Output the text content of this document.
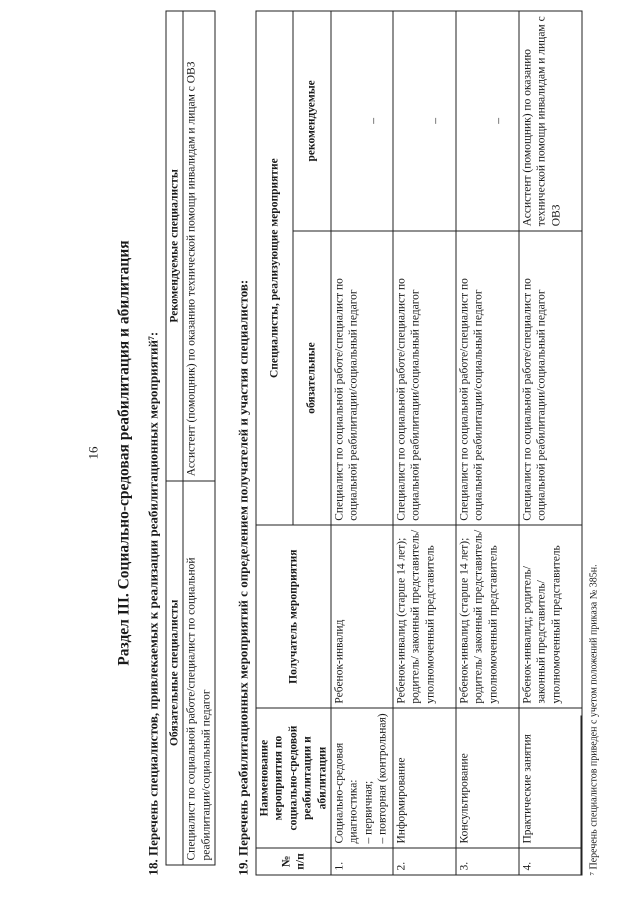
16 Раздел III. Социально-средовая реабилитация и абилитация 18. Перечень специалистов, привлекаемых к реализации реабилитационных мероприятий⁷: Обязательные специалисты	Рекомендуемые специалисты
Специалист по социальной работе/специалист по социальной реабилитации/социальный педагог	Ассистент (помощник) по оказанию технической помощи инвалидам и лицам с ОВЗ
19. Перечень реабилитационных мероприятий с определением получателей и участия специалистов:	№ п/п	Наименование мероприятия по социально-средовой реабилитации и абилитации	Получатель мероприятия	Специалисты, реализующие мероприятие	
			обязательные	рекомендуемые
1.	Социально-средовая диагностика: – первичная; – повторная (контрольная)	Ребенок-инвалид	Специалист по социальной работе/специалист по социальной реабилитации/социальный педагог	–

2.	Информирование	Ребенок-инвалид (старше 14 лет); родитель/ законный представитель/ уполномоченный представитель	Специалист по социальной работе/специалист по социальной реабилитации/социальный педагог	–

3.	Консультирование	Ребенок-инвалид (старше 14 лет); родитель/ законный представитель/ уполномоченный представитель	Специалист по социальной работе/специалист по социальной реабилитации/социальный педагог	–

4.	Практические занятия	Ребенок-инвалид; родитель/ законный представитель/ уполномоченный представитель	Специалист по социальной работе/специалист по социальной реабилитации/социальный педагог	Ассистент (помощник) по оказанию технической помощи инвалидам и лицам с ОВЗ
⁷ Перечень специалистов приведен с учетом положений приказа № 385н.
